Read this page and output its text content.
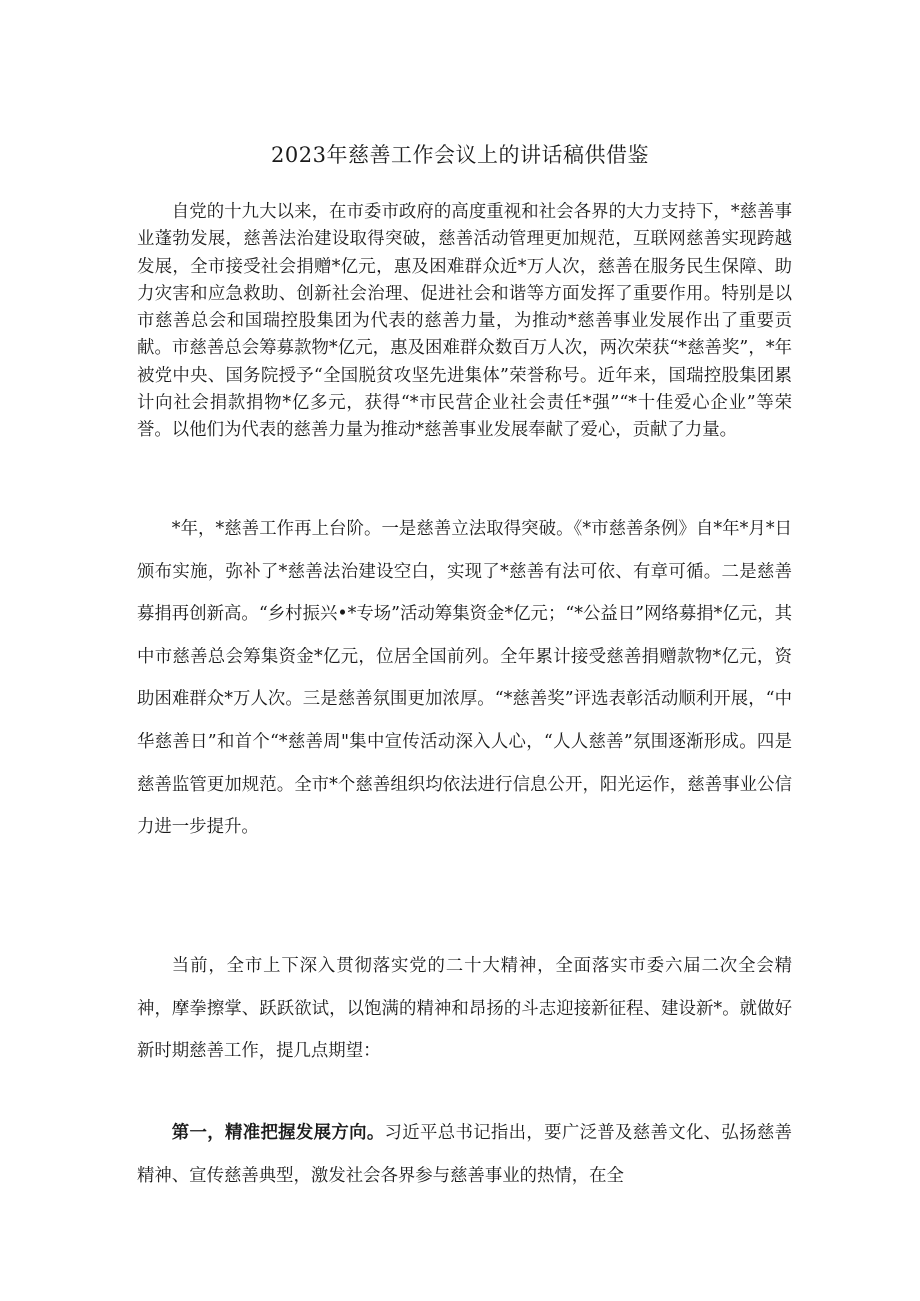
2023年慈善工作会议上的讲话稿供借鉴

自党的十九大以来，在市委市政府的高度重视和社会各界的大力支持下，*慈善事业蓬勃发展，慈善法治建设取得突破，慈善活动管理更加规范，互联网慈善实现跨越发展，全市接受社会捐赠*亿元，惠及困难群众近*万人次，慈善在服务民生保障、助力灾害和应急救助、创新社会治理、促进社会和谐等方面发挥了重要作用。特别是以市慈善总会和国瑞控股集团为代表的慈善力量，为推动*慈善事业发展作出了重要贡献。市慈善总会筹募款物*亿元，惠及困难群众数百万人次，两次荣获“*慈善奖”，*年被党中央、国务院授予“全国脱贫攻坚先进集体”荣誉称号。近年来，国瑞控股集团累计向社会捐款捐物*亿多元，获得“*市民营企业社会责任*强”“*十佳爱心企业”等荣誉。以他们为代表的慈善力量为推动*慈善事业发展奉献了爱心，贡献了力量。

*年，*慈善工作再上台阶。一是慈善立法取得突破。《*市慈善条例》自*年*月*日颁布实施，弥补了*慈善法治建设空白，实现了*慈善有法可依、有章可循。二是慈善募捐再创新高。“乡村振兴•*专场”活动筹集资金*亿元；“*公益日”网络募捐*亿元，其中市慈善总会筹集资金*亿元，位居全国前列。全年累计接受慈善捐赠款物*亿元，资助困难群众*万人次。三是慈善氛围更加浓厚。“*慈善奖”评选表彰活动顺利开展，“中华慈善日”和首个“*慈善周"集中宣传活动深入人心，“人人慈善”氛围逐渐形成。四是慈善监管更加规范。全市*个慈善组织均依法进行信息公开，阳光运作，慈善事业公信力进一步提升。

当前，全市上下深入贯彻落实党的二十大精神，全面落实市委六届二次全会精神，摩拳擦掌、跃跃欲试，以饱满的精神和昂扬的斗志迎接新征程、建设新*。就做好新时期慈善工作，提几点期望：

第一，精准把握发展方向。习近平总书记指出，要广泛普及慈善文化、弘扬慈善精神、宣传慈善典型，激发社会各界参与慈善事业的热情，在全
